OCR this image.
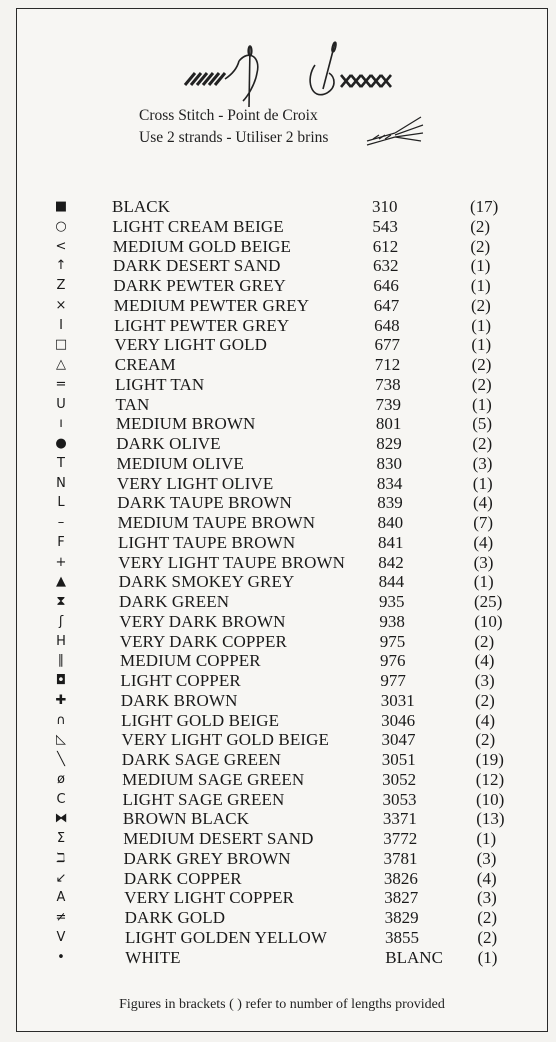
Cross Stitch - Point de Croix
Use 2 strands - Utiliser 2 brins
■	BLACK	310	(17)
○	LIGHT CREAM BEIGE	543	(2)
<	MEDIUM GOLD BEIGE	612	(2)
↑	DARK DESERT SAND	632	(1)
Z	DARK PEWTER GREY	646	(1)
×	MEDIUM PEWTER GREY	647	(2)
I	LIGHT PEWTER GREY	648	(1)
□	VERY LIGHT GOLD	677	(1)
△	CREAM	712	(2)
=	LIGHT TAN	738	(2)
U	TAN	739	(1)
ı	MEDIUM BROWN	801	(5)
●	DARK OLIVE	829	(2)
T	MEDIUM OLIVE	830	(3)
N	VERY LIGHT OLIVE	834	(1)
L	DARK TAUPE BROWN	839	(4)
–	MEDIUM TAUPE BROWN	840	(7)
F	LIGHT TAUPE BROWN	841	(4)
+	VERY LIGHT TAUPE BROWN 842	(3)
▲	DARK SMOKEY GREY	844	(1)
⧗	DARK GREEN	935	(25)
ʃ	VERY DARK BROWN	938	(10)
H	VERY DARK COPPER	975	(2)
∥	MEDIUM COPPER	976	(4)
◘	LIGHT COPPER	977	(3)
✚	DARK BROWN	3031	(2)
∩	LIGHT GOLD BEIGE	3046	(4)
◺	VERY LIGHT GOLD BEIGE	3047	(2)
╲	DARK SAGE GREEN	3051	(19)
ø	MEDIUM SAGE GREEN	3052	(12)
C	LIGHT SAGE GREEN	3053	(10)
⧓	BROWN BLACK	3371	(13)
Σ	MEDIUM DESERT SAND	3772	(1)
ℶ	DARK GREY BROWN	3781	(3)
↙	DARK COPPER	3826	(4)
A	VERY LIGHT COPPER	3827	(3)
≠	DARK GOLD	3829	(2)
V	LIGHT GOLDEN YELLOW	3855	(2)
•	WHITE	BLANC (1)
Figures in brackets ( ) refer to number of lengths provided
